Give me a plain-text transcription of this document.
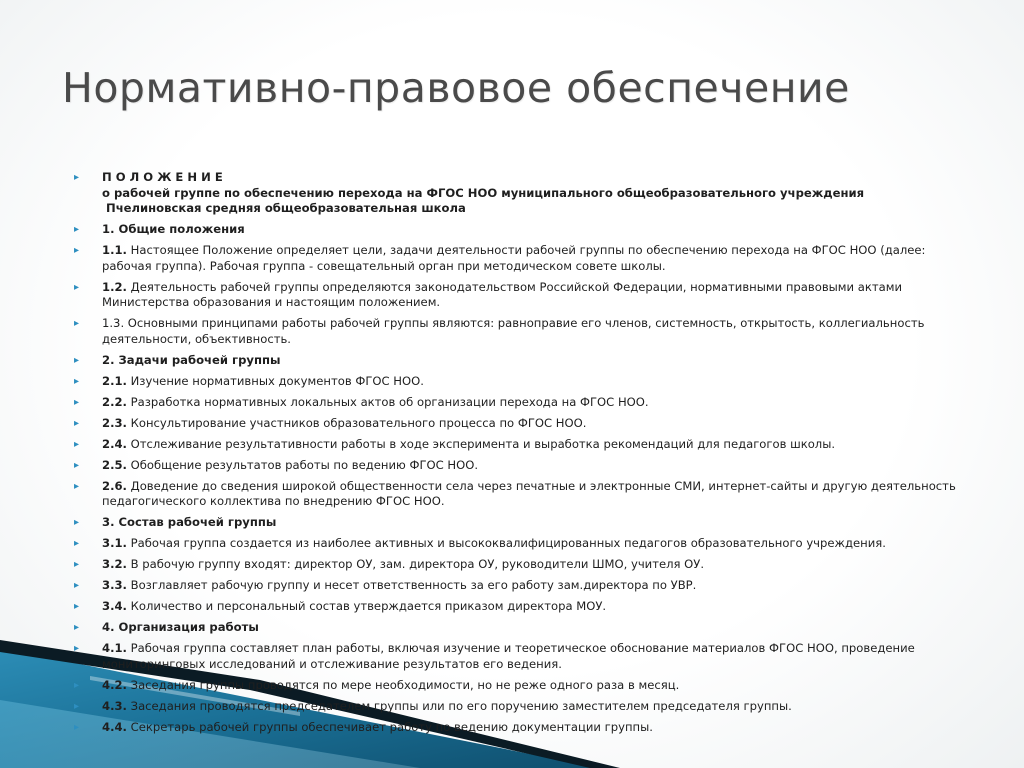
Нормативно-правовое обеспечение
▸ П О Л О Ж Е Н И Е
о рабочей группе по обеспечению перехода на ФГОС НОО муниципального общеобразовательного учреждения
Пчелиновская средняя общеобразовательная школа
▸ 1. Общие положения
▸ 1.1. Настоящее Положение определяет цели, задачи деятельности рабочей группы по обеспечению перехода на ФГОС НОО (далее: рабочая группа). Рабочая группа - совещательный орган при методическом совете школы.
▸ 1.2. Деятельность рабочей группы определяются законодательством Российской Федерации, нормативными правовыми актами Министерства образования и настоящим положением.
▸ 1.3. Основными принципами работы рабочей группы являются: равноправие его членов, системность, открытость, коллегиальность деятельности, объективность.
▸ 2. Задачи рабочей группы
▸ 2.1. Изучение нормативных документов ФГОС НОО.
▸ 2.2. Разработка нормативных локальных актов об организации перехода на ФГОС НОО.
▸ 2.3. Консультирование участников образовательного процесса по ФГОС НОО.
▸ 2.4. Отслеживание результативности работы в ходе эксперимента и выработка рекомендаций для педагогов школы.
▸ 2.5. Обобщение результатов работы по ведению ФГОС НОО.
▸ 2.6. Доведение до сведения широкой общественности села через печатные и электронные СМИ, интернет-сайты и другую деятельность педагогического коллектива по внедрению ФГОС НОО.
▸ 3. Состав рабочей группы
▸ 3.1. Рабочая группа создается из наиболее активных и высококвалифицированных педагогов образовательного учреждения.
▸ 3.2. В рабочую группу входят: директор ОУ, зам. директора ОУ, руководители ШМО, учителя ОУ.
▸ 3.3. Возглавляет рабочую группу и несет ответственность за его работу зам.директора по УВР.
▸ 3.4. Количество и персональный состав утверждается приказом директора МОУ.
▸ 4. Организация работы
▸ 4.1. Рабочая группа составляет план работы, включая изучение и теоретическое обоснование материалов ФГОС НОО, проведение мониторинговых исследований и отслеживание результатов его ведения.
▸ 4.2. Заседания группы проводятся по мере необходимости, но не реже одного раза в месяц.
▸ 4.3. Заседания проводятся председателем группы или по его поручению заместителем председателя группы.
▸ 4.4. Секретарь рабочей группы обеспечивает работу по ведению документации группы.
